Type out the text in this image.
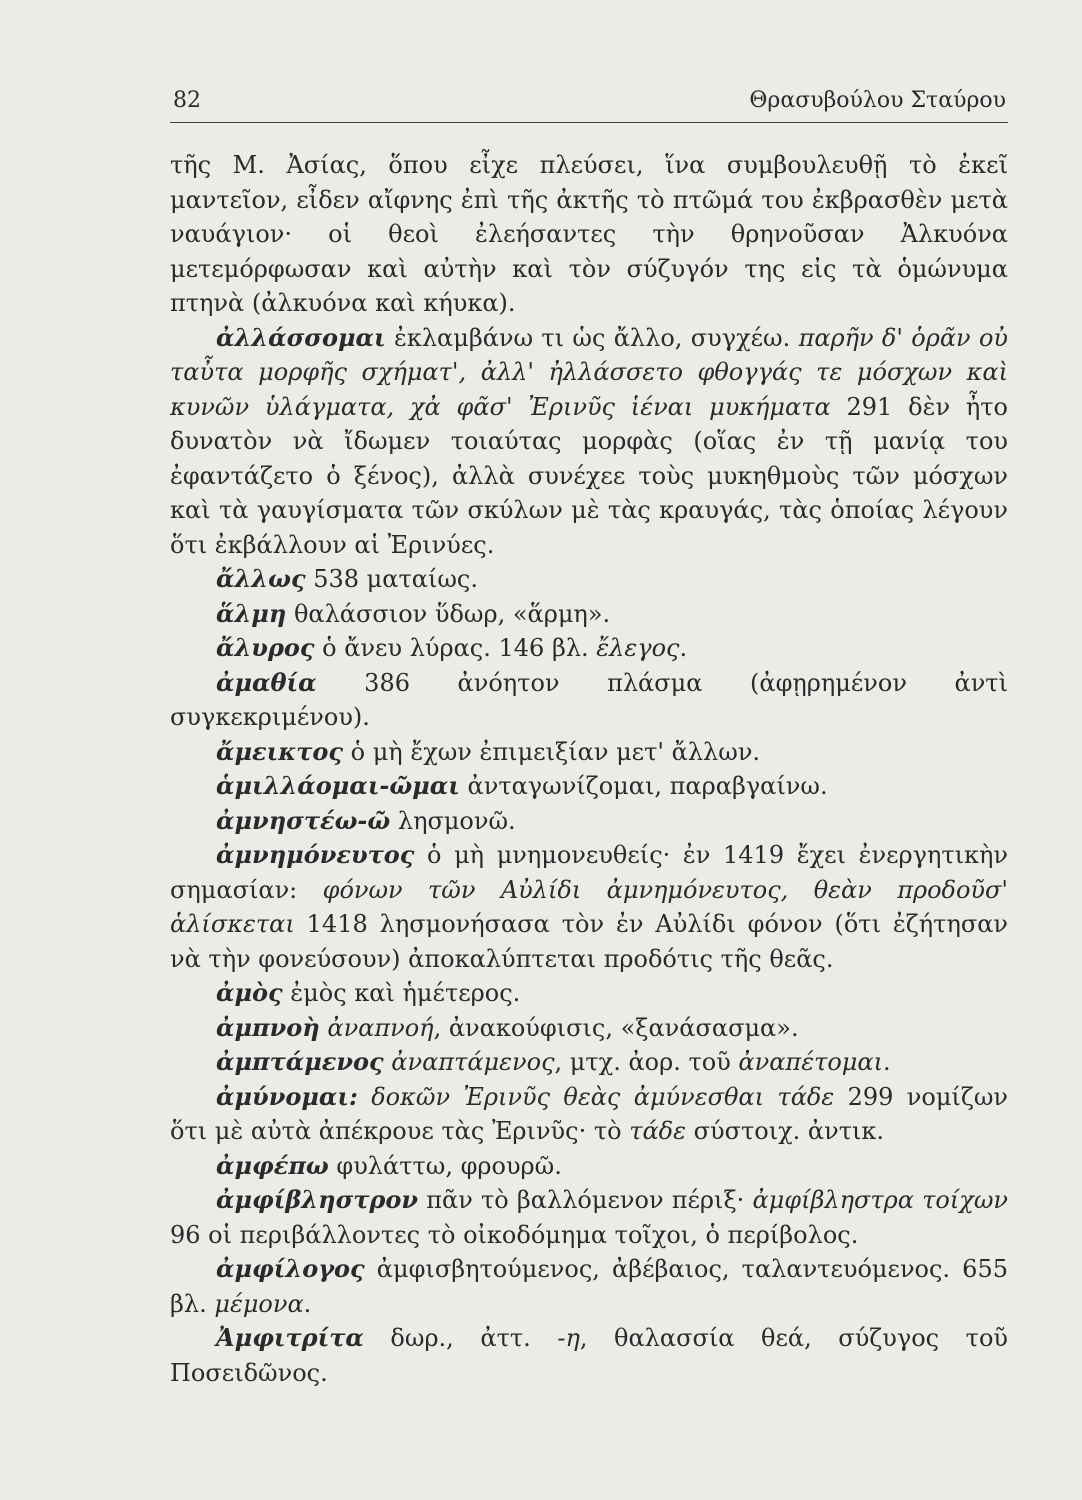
82	Θρασυβούλου Σταύρου

τῆς Μ. Ἀσίας, ὅπου εἶχε πλεύσει, ἵνα συμβουλευθῇ τὸ ἐκεῖ μαντεῖον, εἶδεν αἴφνης ἐπὶ τῆς ἀκτῆς τὸ πτῶμά του ἐκβρασθὲν μετὰ ναυάγιον· οἱ θεοὶ ἐλεήσαντες τὴν θρηνοῦσαν Ἀλκυόνα μετεμόρφωσαν καὶ αὐτὴν καὶ τὸν σύζυγόν της εἰς τὰ ὁμώνυμα πτηνὰ (ἀλκυόνα καὶ κήυκα).

ἀλλάσσομαι ἐκλαμβάνω τι ὡς ἄλλο, συγχέω. παρῆν δ' ὁρᾶν οὐ ταὖτα μορφῆς σχήματ', ἀλλ' ἠλλάσσετο φθογγάς τε μόσχων καὶ κυνῶν ὑλάγματα, χἀ φᾶσ' Ἐρινῦς ἱέναι μυκήματα 291 δὲν ἦτο δυνατὸν νὰ ἴδωμεν τοιαύτας μορφὰς (οἵας ἐν τῇ μανίᾳ του ἐφαντάζετο ὁ ξένος), ἀλλὰ συνέχεε τοὺς μυκηθμοὺς τῶν μόσχων καὶ τὰ γαυγίσματα τῶν σκύλων μὲ τὰς κραυγάς, τὰς ὁποίας λέγουν ὅτι ἐκβάλλουν αἱ Ἐρινύες.

ἄλλως 538 ματαίως.

ἅλμη θαλάσσιον ὕδωρ, «ἅρμη».

ἄλυρος ὁ ἄνευ λύρας. 146 βλ. ἔλεγος.

ἀμαθία 386 ἀνόητον πλάσμα (ἀφῃρημένον ἀντὶ συγκεκριμένου).

ἄμεικτος ὁ μὴ ἔχων ἐπιμειξίαν μετ' ἄλλων.

ἁμιλλάομαι-ῶμαι ἀνταγωνίζομαι, παραβγαίνω.

ἀμνηστέω-ῶ λησμονῶ.

ἀμνημόνευτος ὁ μὴ μνημονευθείς· ἐν 1419 ἔχει ἐνεργητικὴν σημασίαν: φόνων τῶν Αὐλίδι ἀμνημόνευτος, θεὰν προδοῦσ' ἁλίσκεται 1418 λησμονήσασα τὸν ἐν Αὐλίδι φόνον (ὅτι ἐζήτησαν νὰ τὴν φονεύσουν) ἀποκαλύπτεται προδότις τῆς θεᾶς.

ἀμὸς ἐμὸς καὶ ἡμέτερος.

ἀμπνοὴ ἀναπνοή, ἀνακούφισις, «ξανάσασμα».

ἀμπτάμενος ἀναπτάμενος, μτχ. ἀορ. τοῦ ἀναπέτομαι.

ἀμύνομαι: δοκῶν Ἐρινῦς θεὰς ἀμύνεσθαι τάδε 299 νομίζων ὅτι μὲ αὐτὰ ἀπέκρουε τὰς Ἐρινῦς· τὸ τάδε σύστοιχ. ἀντικ.

ἀμφέπω φυλάττω, φρουρῶ.

ἀμφίβληστρον πᾶν τὸ βαλλόμενον πέριξ· ἀμφίβληστρα τοίχων 96 οἱ περιβάλλοντες τὸ οἰκοδόμημα τοῖχοι, ὁ περίβολος.

ἀμφίλογος ἀμφισβητούμενος, ἀβέβαιος, ταλαντευόμενος. 655 βλ. μέμονα.

Ἀμφιτρίτα δωρ., ἀττ. -η, θαλασσία θεά, σύζυγος τοῦ Ποσειδῶνος.
